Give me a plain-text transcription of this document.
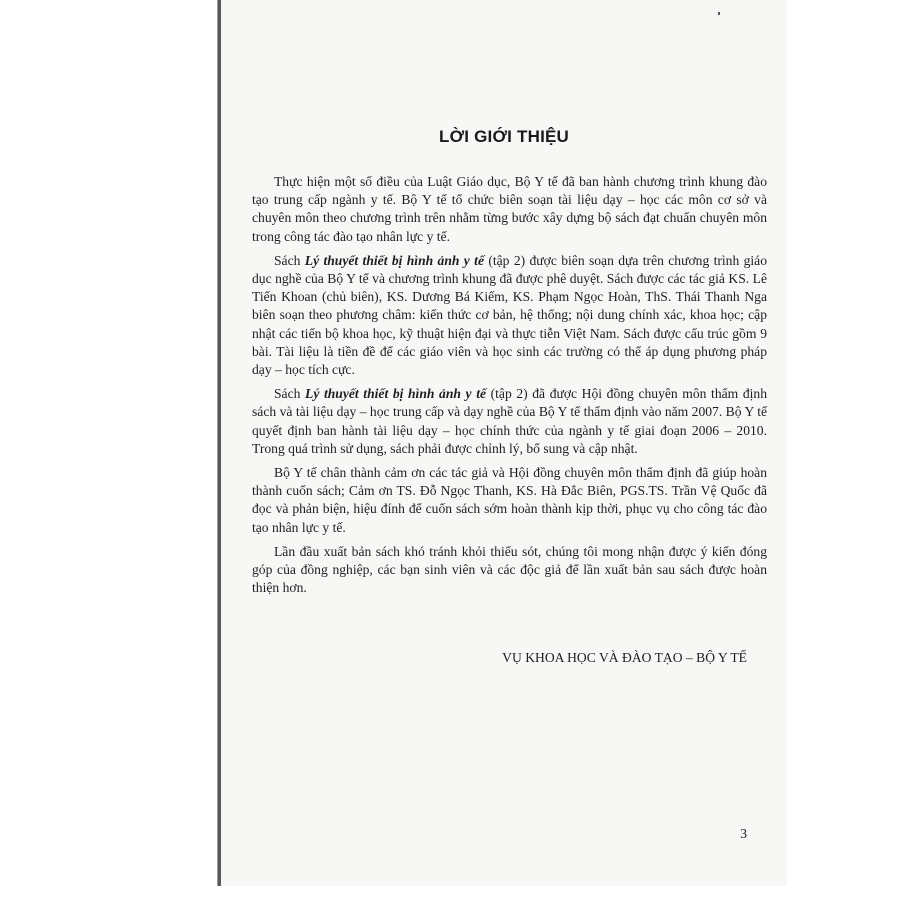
LỜI GIỚI THIỆU

Thực hiện một số điều của Luật Giáo dục, Bộ Y tế đã ban hành chương trình khung đào tạo trung cấp ngành y tế. Bộ Y tế tổ chức biên soạn tài liệu dạy – học các môn cơ sở và chuyên môn theo chương trình trên nhằm từng bước xây dựng bộ sách đạt chuẩn chuyên môn trong công tác đào tạo nhân lực y tế.

Sách Lý thuyết thiết bị hình ảnh y tế (tập 2) được biên soạn dựa trên chương trình giáo dục nghề của Bộ Y tế và chương trình khung đã được phê duyệt. Sách được các tác giả KS. Lê Tiến Khoan (chủ biên), KS. Dương Bá Kiếm, KS. Phạm Ngọc Hoàn, ThS. Thái Thanh Nga biên soạn theo phương châm: kiến thức cơ bản, hệ thống; nội dung chính xác, khoa học; cập nhật các tiến bộ khoa học, kỹ thuật hiện đại và thực tiễn Việt Nam. Sách được cấu trúc gồm 9 bài. Tài liệu là tiền đề để các giáo viên và học sinh các trường có thể áp dụng phương pháp dạy – học tích cực.

Sách Lý thuyết thiết bị hình ảnh y tế (tập 2) đã được Hội đồng chuyên môn thẩm định sách và tài liệu dạy – học trung cấp và dạy nghề của Bộ Y tế thẩm định vào năm 2007. Bộ Y tế quyết định ban hành tài liệu dạy – học chính thức của ngành y tế giai đoạn 2006 – 2010. Trong quá trình sử dụng, sách phải được chỉnh lý, bổ sung và cập nhật.

Bộ Y tế chân thành cảm ơn các tác giả và Hội đồng chuyên môn thẩm định đã giúp hoàn thành cuốn sách; Cảm ơn TS. Đỗ Ngọc Thanh, KS. Hà Đắc Biên, PGS.TS. Trần Vệ Quốc đã đọc và phản biện, hiệu đính để cuốn sách sớm hoàn thành kịp thời, phục vụ cho công tác đào tạo nhân lực y tế.

Lần đầu xuất bản sách khó tránh khỏi thiếu sót, chúng tôi mong nhận được ý kiến đóng góp của đồng nghiệp, các bạn sinh viên và các độc giả để lần xuất bản sau sách được hoàn thiện hơn.

VỤ KHOA HỌC VÀ ĐÀO TẠO – BỘ Y TẾ
3
